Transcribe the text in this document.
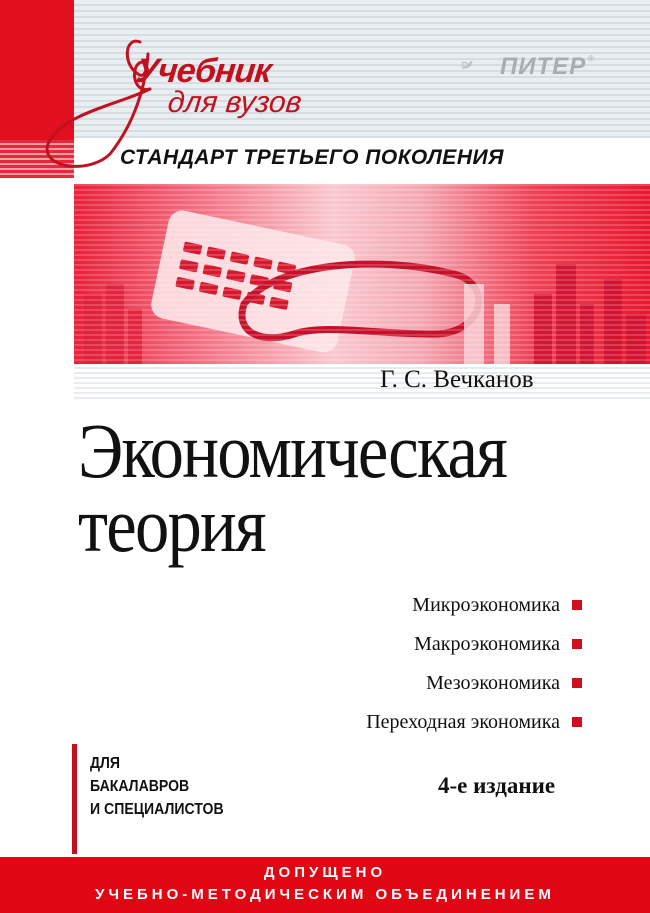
Учебник
для вузов
ПИТЕР ®
СТАНДАРТ ТРЕТЬЕГО ПОКОЛЕНИЯ
Г. С. Вечканов
Экономическая
теория
Микроэкономика
Макроэкономика
Мезоэкономика
Переходная экономика
ДЛЯ
БАКАЛАВРОВ
И СПЕЦИАЛИСТОВ
4-е издание
ДОПУЩЕНО
УЧЕБНО-МЕТОДИЧЕСКИМ ОБЪЕДИНЕНИЕМ
